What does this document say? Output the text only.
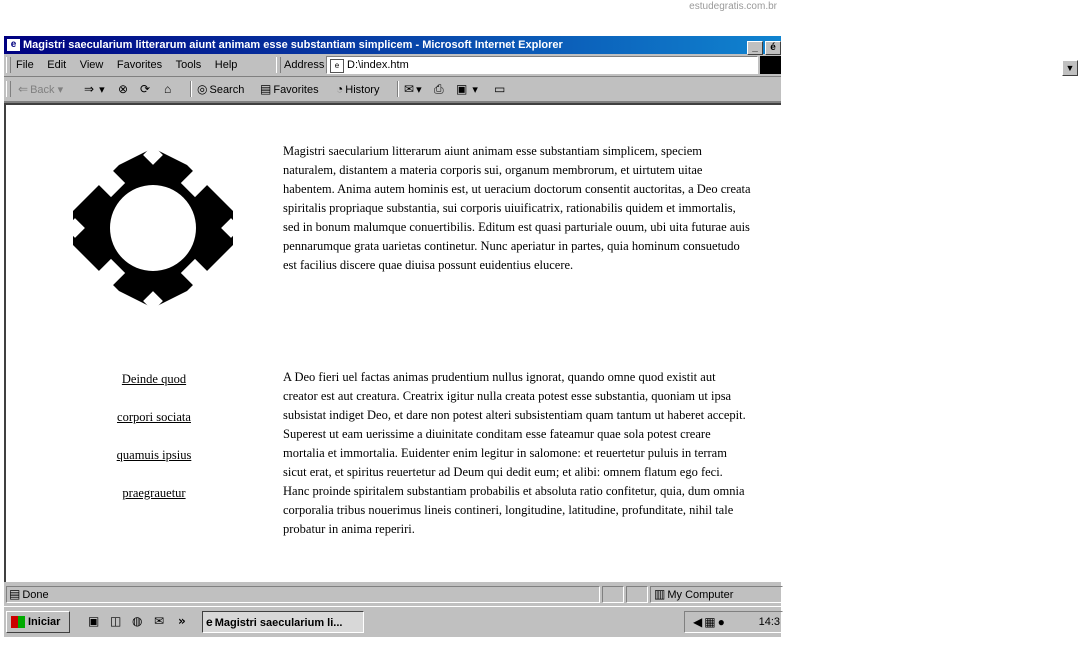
estudegratis.com.br
e Magistri saecularium litterarum aiunt animam esse substantiam simplicem - Microsoft Internet Explorer	_ é
File Edit View Favorites Tools Help	Address	e D:\index.htm	▼
⇐ Back ▾ ⇒ ▾ ⊗ ⟳ ⌂ ◎ Search ▤ Favorites ◔ History ✉ ▾ ⎙ ▣ ▾ ▭

Magistri saecularium litterarum aiunt animam esse substantiam simplicem, speciem naturalem, distantem a materia corporis sui, organum membrorum, et uirtutem uitae habentem. Anima autem hominis est, ut ueracium doctorum consentit auctoritas, a Deo creata spiritalis propriaque substantia, sui corporis uiuificatrix, rationabilis quidem et immortalis, sed in bonum malumque conuertibilis. Editum est quasi parturiale ouum, ubi uita futurae auis pennarumque grata uarietas continetur. Nunc aperiatur in partes, quia hominum consuetudo est facilius discere quae diuisa possunt euidentius elucere.

Deinde quod
corpori sociata
quamuis ipsius
praegrauetur

A Deo fieri uel factas animas prudentium nullus ignorat, quando omne quod existit aut creator est aut creatura. Creatrix igitur nulla creata potest esse substantia, quoniam ut ipsa subsistat indiget Deo, et dare non potest alteri subsistentiam quam tantum ut haberet accepit. Superest ut eam uerissime a diuinitate conditam esse fateamur quae sola potest creare mortalia et immortalia. Euidenter enim legitur in salomone: et reuertetur puluis in terram sicut erat, et spiritus reuertetur ad Deum qui dedit eum; et alibi: omnem flatum ego feci. Hanc proinde spiritalem substantiam probabilis et absoluta ratio confitetur, quia, dum omnia corporalia tribus nouerimus lineis contineri, longitudine, latitudine, profunditate, nihil tale probatur in anima reperiri.

▤ Done	▥ My Computer
Iniciar	▣ ◫ ◍ ✉ »	e Magistri saecularium li...	◀ ▦ ●	14:3
